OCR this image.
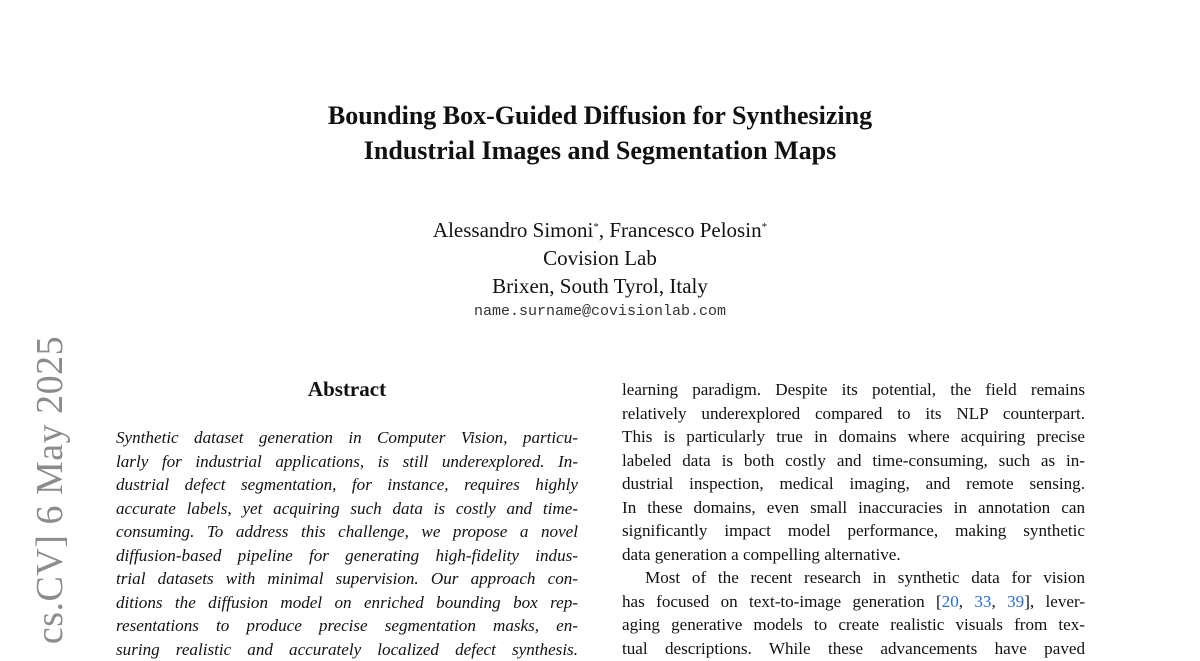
cs.CV] 6 May 2025
Bounding Box-Guided Diffusion for Synthesizing
Industrial Images and Segmentation Maps
Alessandro Simoni*, Francesco Pelosin*
Covision Lab
Brixen, South Tyrol, Italy
name.surname@covisionlab.com
Abstract
Synthetic dataset generation in Computer Vision, particu-
larly for industrial applications, is still underexplored. In-
dustrial defect segmentation, for instance, requires highly
accurate labels, yet acquiring such data is costly and time-
consuming. To address this challenge, we propose a novel
diffusion-based pipeline for generating high-fidelity indus-
trial datasets with minimal supervision. Our approach con-
ditions the diffusion model on enriched bounding box rep-
resentations to produce precise segmentation masks, en-
suring realistic and accurately localized defect synthesis.
learning paradigm. Despite its potential, the field remains
relatively underexplored compared to its NLP counterpart.
This is particularly true in domains where acquiring precise
labeled data is both costly and time-consuming, such as in-
dustrial inspection, medical imaging, and remote sensing.
In these domains, even small inaccuracies in annotation can
significantly impact model performance, making synthetic
data generation a compelling alternative.
Most of the recent research in synthetic data for vision
has focused on text-to-image generation [20, 33, 39], lever-
aging generative models to create realistic visuals from tex-
tual descriptions. While these advancements have paved
